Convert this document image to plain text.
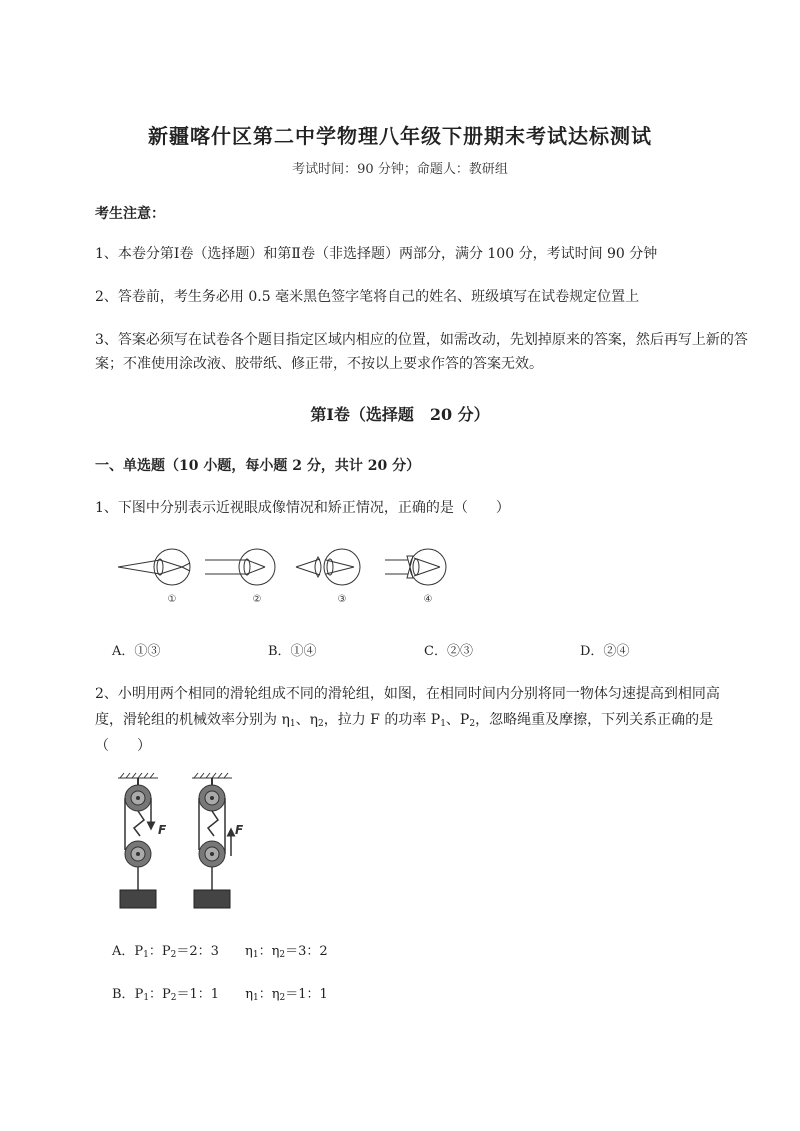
新疆喀什区第二中学物理八年级下册期末考试达标测试
考试时间：90 分钟；命题人：教研组
考生注意：
1、本卷分第Ⅰ卷（选择题）和第Ⅱ卷（非选择题）两部分，满分 100 分，考试时间 90 分钟
2、答卷前，考生务必用 0.5 毫米黑色签字笔将自己的姓名、班级填写在试卷规定位置上
3、答案必须写在试卷各个题目指定区域内相应的位置，如需改动，先划掉原来的答案，然后再写上新的答案；不准使用涂改液、胶带纸、修正带，不按以上要求作答的答案无效。
第Ⅰ卷（选择题　20 分）
一、单选题（10 小题，每小题 2 分，共计 20 分）
1、下图中分别表示近视眼成像情况和矫正情况，正确的是（　　）
①	②	③	④
A．①③	B．①④	C．②③	D．②④
2、小明用两个相同的滑轮组成不同的滑轮组，如图，在相同时间内分别将同一物体匀速提高到相同高
度，滑轮组的机械效率分别为 $\eta_1$、$\eta_2$，拉力 F 的功率 $P_1$、$P_2$，忽略绳重及摩擦，下列关系正确的是
（　　）
F	F
A．$P_1$：$P_2=2$：3 $\eta_1$：$\eta_2=3$：2
B．$P_1$：$P_2=1$：1 $\eta_1$：$\eta_2=1$：1
